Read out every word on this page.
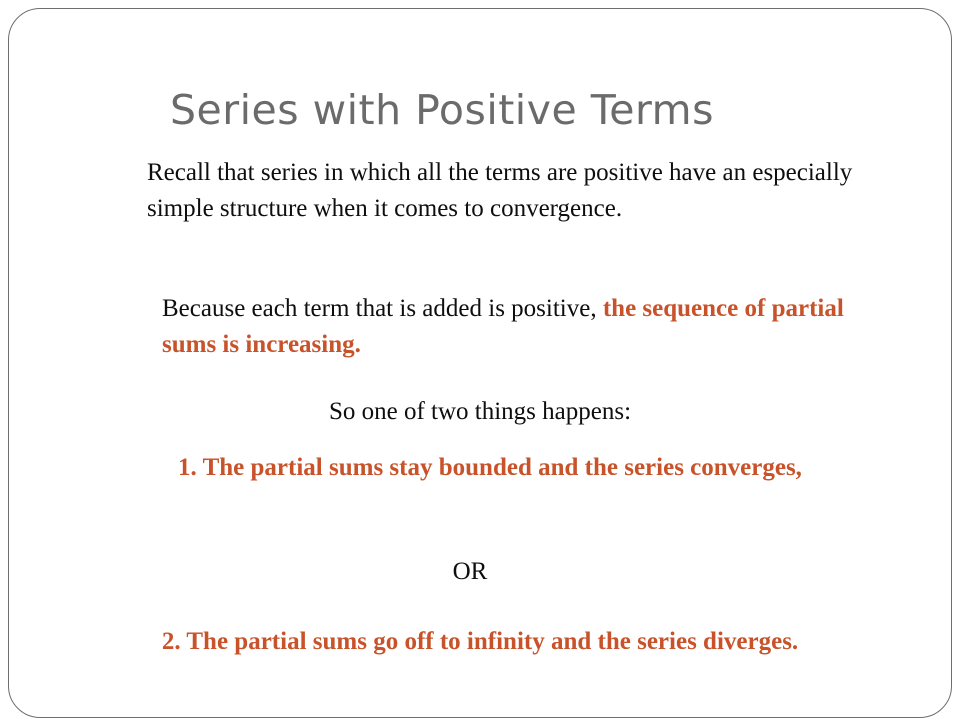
Series with Positive Terms
Recall that series in which all the terms are positive have an especially simple structure when it comes to convergence.
Because each term that is added is positive, the sequence of partial sums is increasing.
So one of two things happens:
1. The partial sums stay bounded and the series converges,
OR
2. The partial sums go off to infinity and the series diverges.
